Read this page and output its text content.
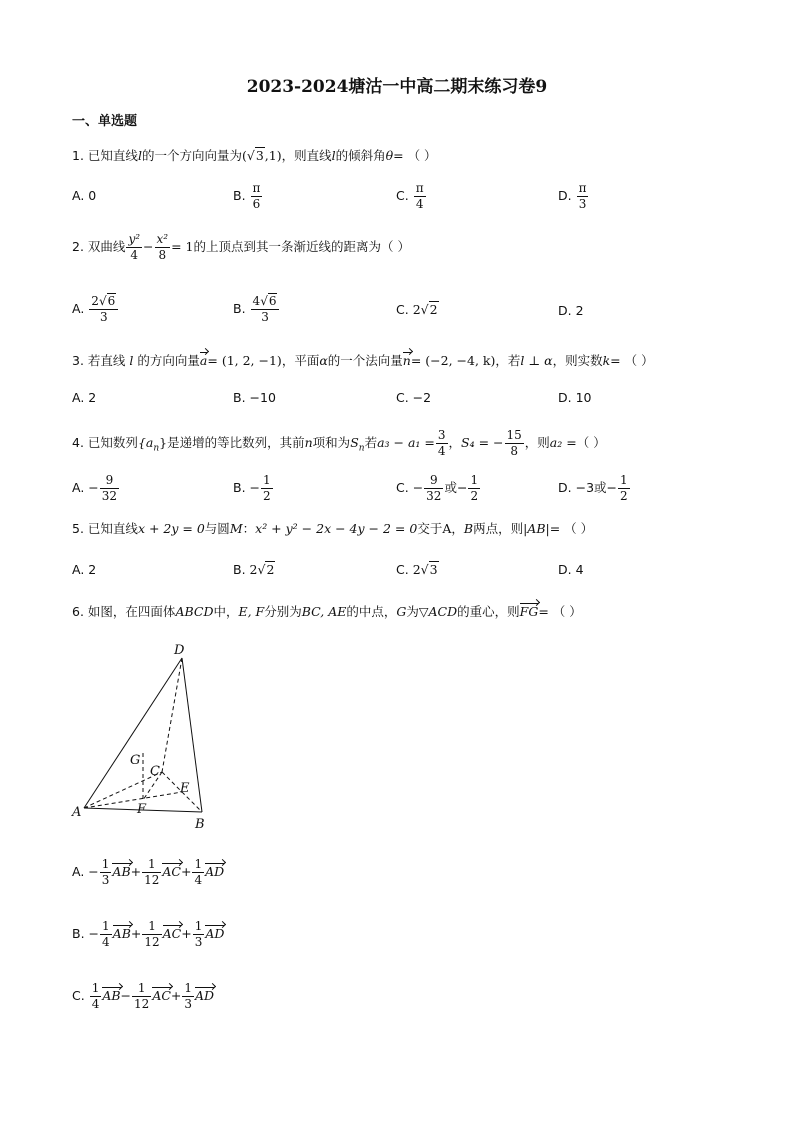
2023-2024塘沽一中高二期末练习卷9
一、单选题
1. 已知直线l的一个方向向量为(√3,1)，则直线l的倾斜角θ= （ ）
A. 0	B. $\frac{\pi}{6}$	C. $\frac{\pi}{4}$	D. $\frac{\pi}{3}$
2. 双曲线 $\frac{\text{y²}}{4} - \frac{\text{x²}}{8} = 1$的上顶点到其一条渐近线的距离为（ ）
A. $\frac{2√6}{3}$	B. $\frac{4√6}{3}$	C. 2√2	D. 2
3. 若直线 l 的方向向量a= (1, 2, −1)，平面α的一个法向量n= (−2, −4, k)，若l ⊥ α，则实数k= （ ）
A. 2	B. −10	C. −2	D. 10
4. 已知数列$\{a_n\}$是递增的等比数列，其前n项和为$S_n$若$a_3 - a_1 = \frac{3}{4}$ ，S₄ = − $\frac{15}{8}$ ，则a₂ =（ ）
A. − $\frac{9}{32}$	B. − $\frac{1}{2}$	C. − $\frac{9}{32}$ 或− $\frac{1}{2}$	D. −3或− $\frac{1}{2}$
5. 已知直线x + 2y = 0与圆M：x² + y² − 2x − 4y − 2 = 0交于A，B两点，则|AB|= （ ）
A. 2	B. 2√2	C. 2√3	D. 4
6. 如图，在四面体ABCD中，E, F分别为BC, AE的中点，G为▽ACD的重心，则FG= （ ）
D
G
C
E
A	F
B
A. − $\frac{1}{3} AB+ \frac{1}{12} AC+ \frac{1}{4}$ AD
B. − $\frac{1}{4} AB+ \frac{1}{12} AC+ \frac{1}{3}$ AD
C. $\frac{1}{4} AB- \frac{1}{12} AC+ \frac{1}{3}$ AD
